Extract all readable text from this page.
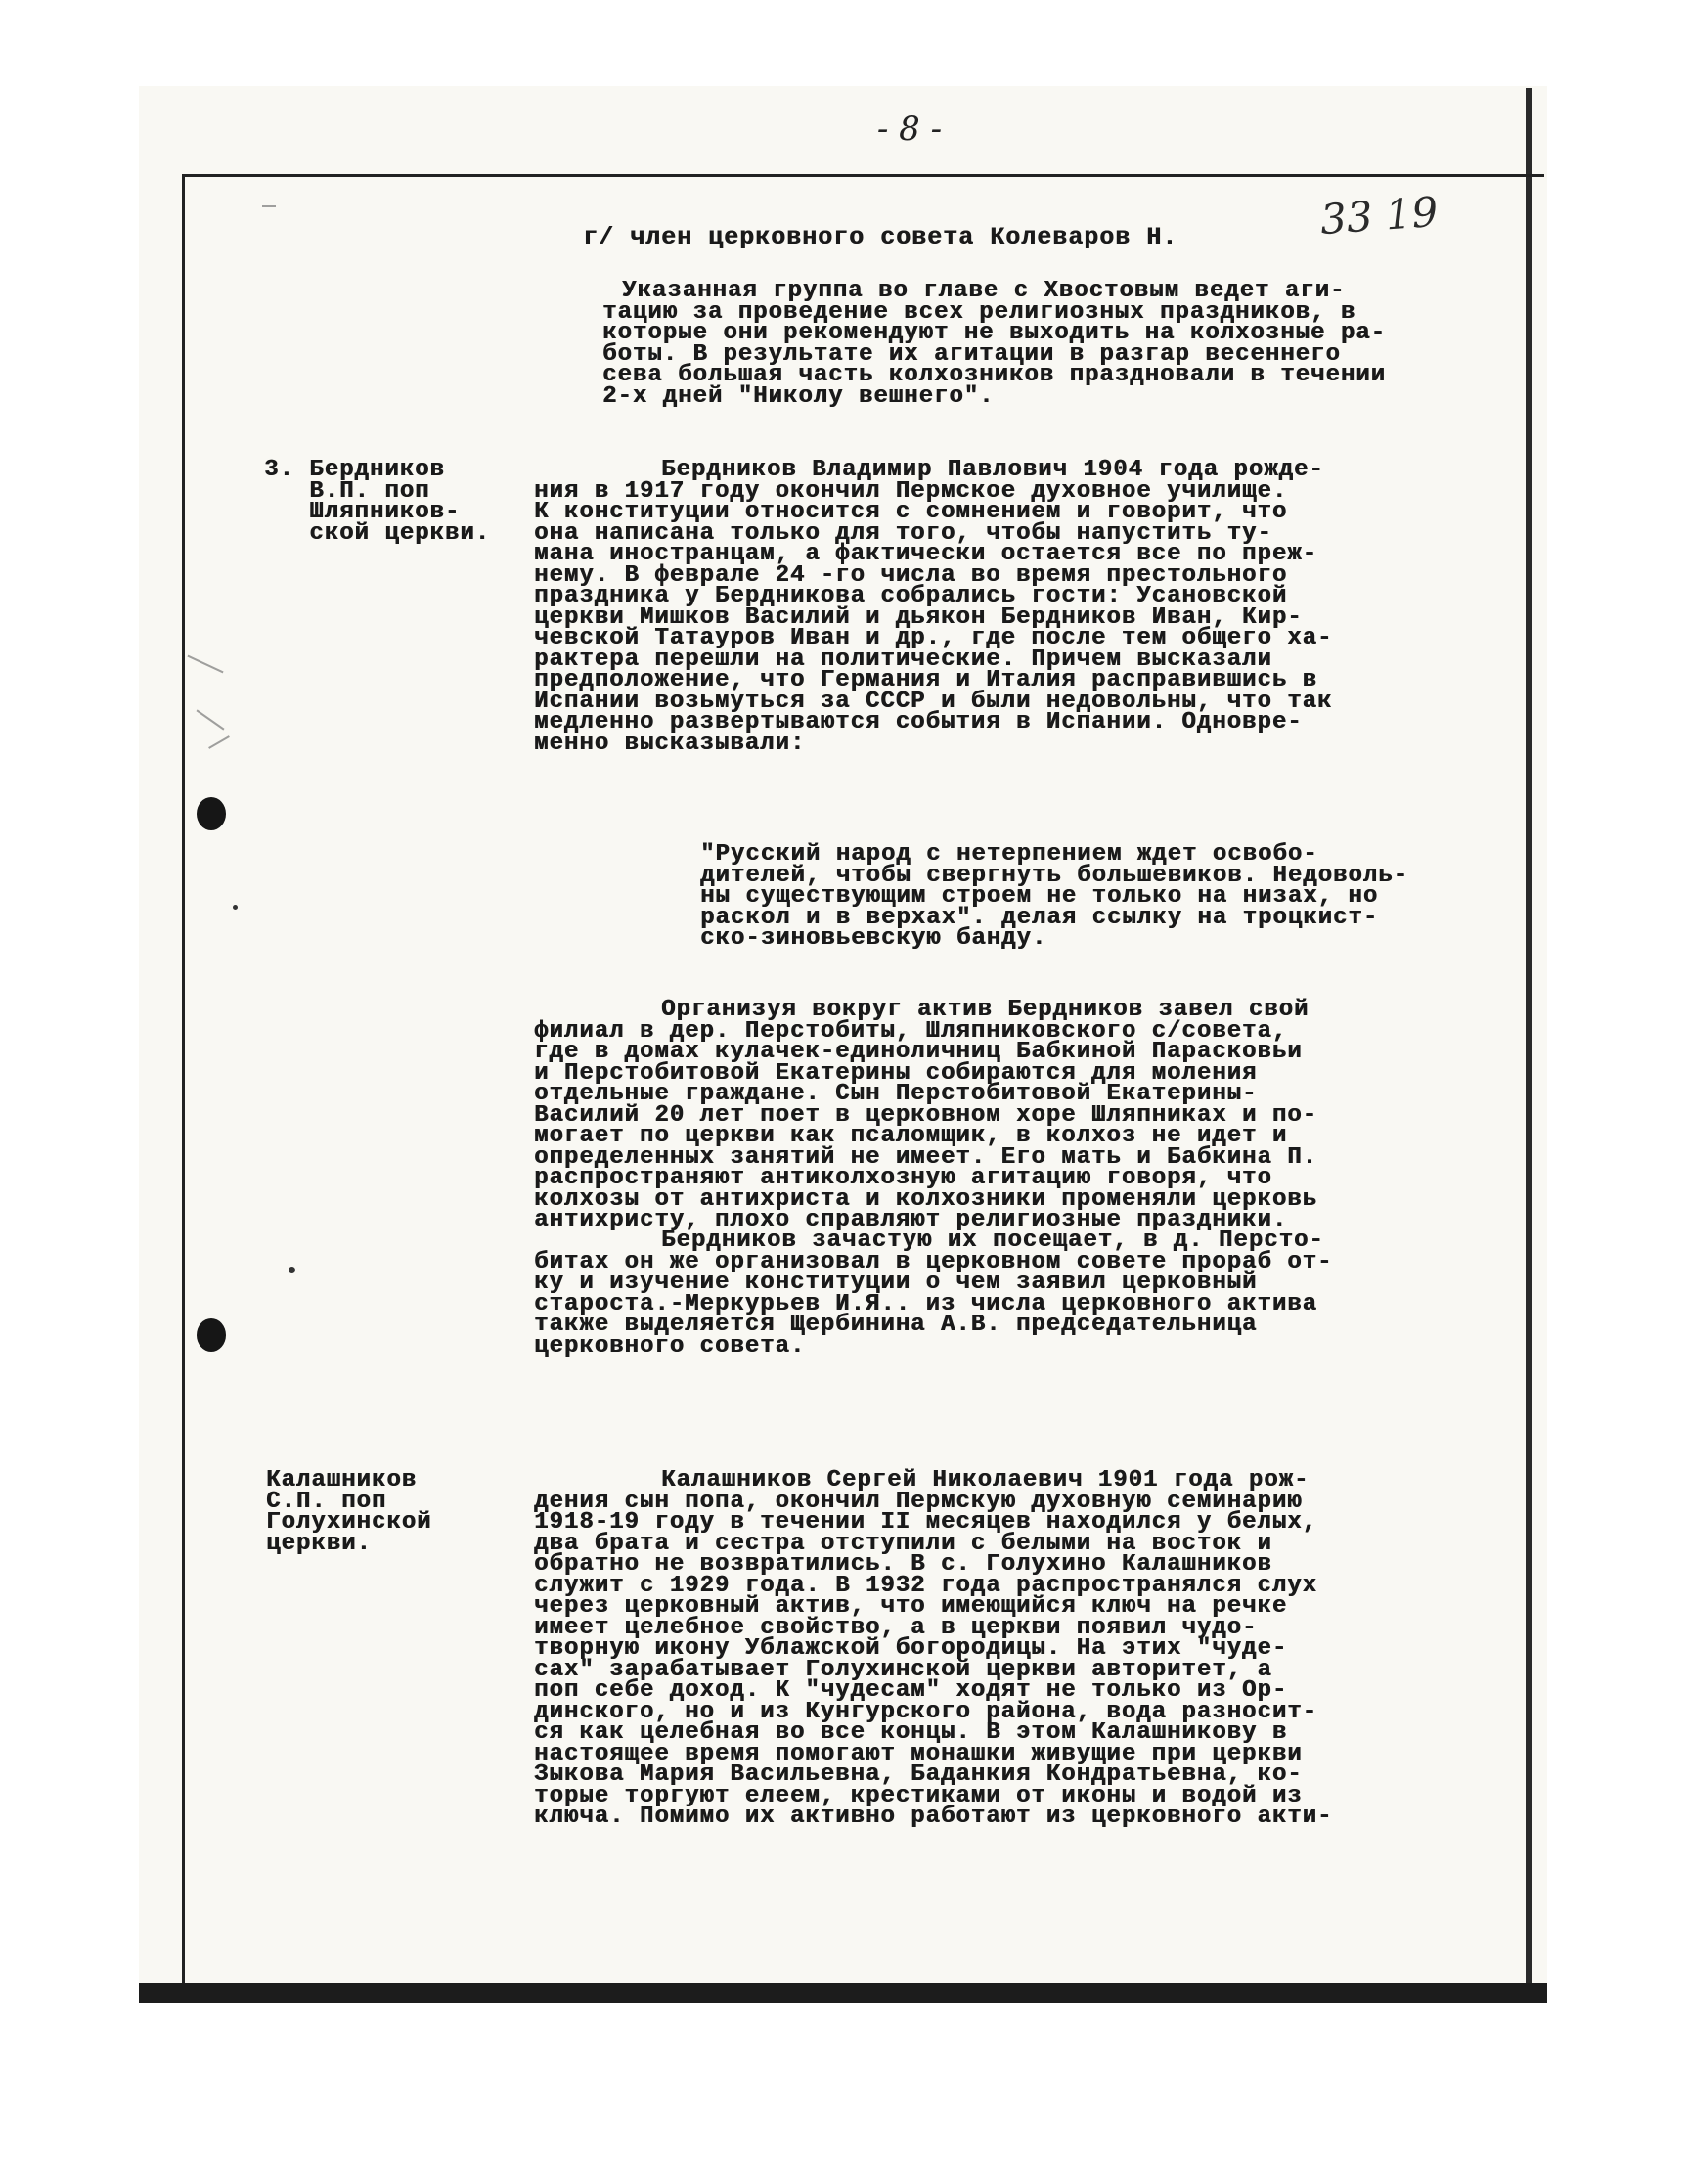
- 8 -
33 19
г/ член церковного совета Колеваров Н.
Указанная группа во главе с Хвостовым ведет аги-
тацию за проведение всех религиозных праздников, в
которые они рекомендуют не выходить на колхозные ра-
боты. В результате их агитации в разгар весеннего
сева большая часть колхозников праздновали в течении
2-х дней "Николу вешнего".
3. Бердников
В.П. поп
Шляпников-
ской церкви.
Бердников Владимир Павлович 1904 года рожде-
ния в 1917 году окончил Пермское духовное училище.
К конституции относится с сомнением и говорит, что
она написана только для того, чтобы напустить ту-
мана иностранцам, а фактически остается все по преж-
нему. В феврале 24 -го числа во время престольного
праздника у Бердникова собрались гости: Усановской
церкви Мишков Василий и дьякон Бердников Иван, Кир-
чевской Татауров Иван и др., где после тем общего ха-
рактера перешли на политические. Причем высказали
предположение, что Германия и Италия расправившись в
Испании возьмуться за СССР и были недовольны, что так
медленно развертываются события в Испании. Одновре-
менно высказывали:
"Русский народ с нетерпением ждет освобо-
дителей, чтобы свергнуть большевиков. Недоволь-
ны существующим строем не только на низах, но
раскол и в верхах". делая ссылку на троцкист-
ско-зиновьевскую банду.
Организуя вокруг актив Бердников завел свой
филиал в дер. Перстобиты, Шляпниковского с/совета,
где в домах кулачек-единоличниц Бабкиной Парасковьи
и Перстобитовой Екатерины собираются для моления
отдельные граждане. Сын Перстобитовой Екатерины-
Василий 20 лет поет в церковном хоре Шляпниках и по-
могает по церкви как псаломщик, в колхоз не идет и
определенных занятий не имеет. Его мать и Бабкина П.
распространяют антиколхозную агитацию говоря, что
колхозы от антихриста и колхозники променяли церковь
антихристу, плохо справляют религиозные праздники.
Бердников зачастую их посещает, в д. Персто-
битах он же организовал в церковном совете прораб от-
ку и изучение конституции о чем заявил церковный
староста.-Меркурьев И.Я.. из числа церковного актива
также выделяется Щербинина А.В. председательница
церковного совета.
Калашников
С.П. поп
Голухинской
церкви.
Калашников Сергей Николаевич 1901 года рож-
дения сын попа, окончил Пермскую духовную семинарию
1918-19 году в течении II месяцев находился у белых,
два брата и сестра отступили с белыми на восток и
обратно не возвратились. В с. Голухино Калашников
служит с 1929 года. В 1932 года распространялся слух
через церковный актив, что имеющийся ключ на речке
имеет целебное свойство, а в церкви появил чудо-
творную икону Ублажской богородицы. На этих "чуде-
сах" зарабатывает Голухинской церкви авторитет, а
поп себе доход. К "чудесам" ходят не только из Ор-
динского, но и из Кунгурского района, вода разносит-
ся как целебная во все концы. В этом Калашникову в
настоящее время помогают монашки живущие при церкви
Зыкова Мария Васильевна, Баданкия Кондратьевна, ко-
торые торгуют елеем, крестиками от иконы и водой из
ключа. Помимо их активно работают из церковного акти-
